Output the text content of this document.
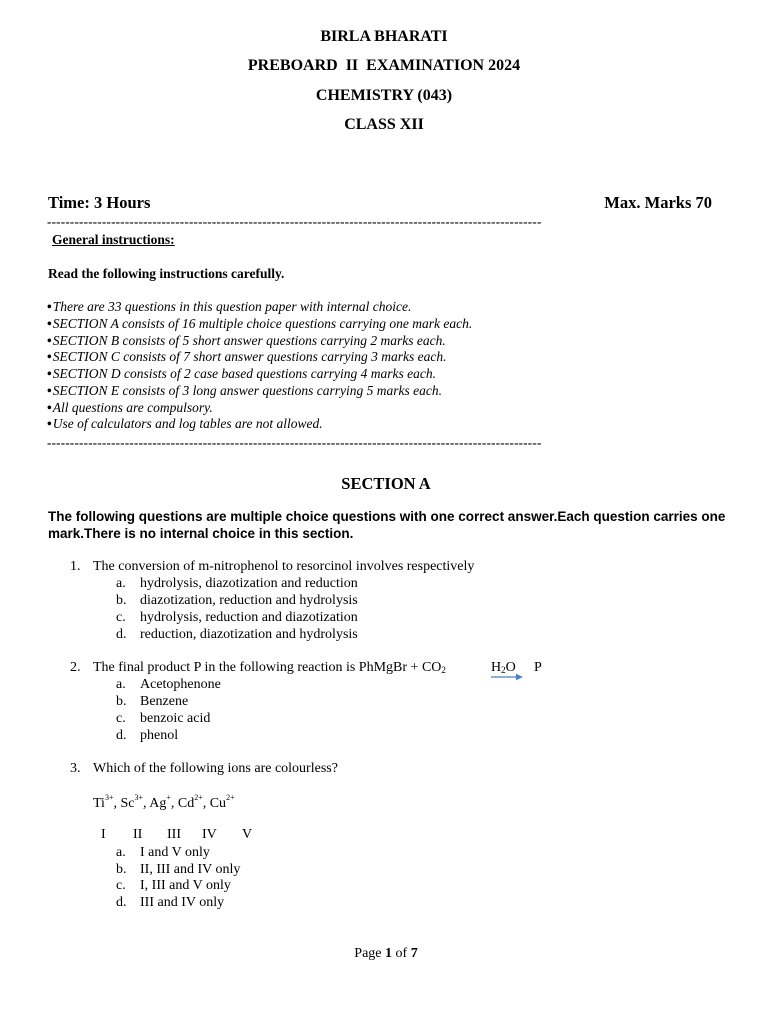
BIRLA BHARATI
PREBOARD  II  EXAMINATION 2024
CHEMISTRY (043)
CLASS XII
Time: 3 Hours	Max. Marks 70
------------------------------------------------------------------------------------------------------------
General instructions:
Read the following instructions carefully.
•There are 33 questions in this question paper with internal choice.
•SECTION A consists of 16 multiple choice questions carrying one mark each.
•SECTION B consists of 5 short answer questions carrying 2 marks each.
•SECTION C consists of 7 short answer questions carrying 3 marks each.
•SECTION D consists of 2 case based questions carrying 4 marks each.
•SECTION E consists of 3 long answer questions carrying 5 marks each.
•All questions are compulsory.
•Use of calculators and log tables are not allowed.
------------------------------------------------------------------------------------------------------------
SECTION A
The following questions are multiple choice questions with one correct answer.Each question carries one mark.There is no internal choice in this section.
1. The conversion of m-nitrophenol to resorcinol involves respectively
a. hydrolysis, diazotization and reduction
b. diazotization, reduction and hydrolysis
c. hydrolysis, reduction and diazotization
d. reduction, diazotization and hydrolysis
2. The final product P in the following reaction is PhMgBr + $CO_2$	$H_2O$ P
a. Acetophenone
b. Benzene
c. benzoic acid
d. phenol
3. Which of the following ions are colourless?
$Ti^{3+}$, $Sc^{3+}$, Ag+, $Cd^{2+}$, $Cu^{2+}$
I II III IV V
a. I and V only
b. II, III and IV only
c. I, III and V only
d. III and IV only
Page 1 of 7
